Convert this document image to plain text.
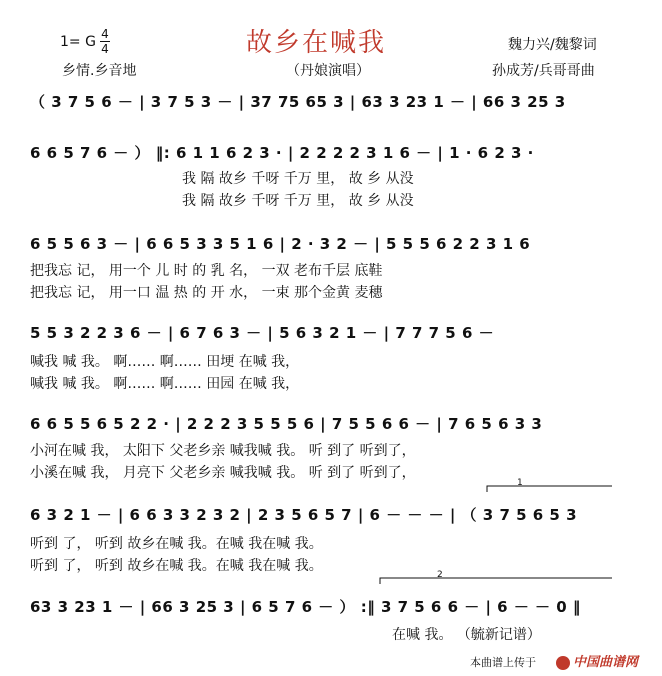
1= G 4
4	故乡在喊我	魏力兴/魏黎词
乡情.乡音地	（丹娘演唱）	孙成芳/兵哥哥曲
（ 3 7 5 6 － | 3 7 5 3 － | 37 75 65 3 | 63 3 23 1 － | 66 3 25 3
6 6 5 7 6 － ） ‖: 6 1 1 6 2 3 · | 2 2 2 2 3 1 6 － | 1 · 6 2 3 ·
我 隔 故乡 千呀 千万 里， 故 乡 从没
我 隔 故乡 千呀 千万 里， 故 乡 从没
6 5 5 6 3 － | 6 6 5 3 3 5 1 6 | 2 · 3 2 － | 5 5 5 6 2 2 3 1 6
把我忘 记， 用一个 儿 时 的 乳 名， 一双 老布千层 底鞋
把我忘 记， 用一口 温 热 的 开 水， 一束 那个金黄 麦穗
5 5 3 2 2 3 6 － | 6 7 6 3 － | 5 6 3 2 1 － | 7 7 7 5 6 －
喊我 喊 我。 啊…… 啊…… 田埂 在喊 我，
喊我 喊 我。 啊…… 啊…… 田园 在喊 我，
6 6 5 5 6 5 2 2 · | 2 2 2 3 5 5 5 6 | 7 5 5 6 6 － | 7 6 5 6 3 3
小河在喊 我， 太阳下 父老乡亲 喊我喊 我。 听 到了 听到了，
小溪在喊 我， 月亮下 父老乡亲 喊我喊 我。 听 到了 听到了，
6 3 2 1 － | 6 6 3 3 2 3 2 | 2 3 5 6 5 7 | 6 － － － | （ 3 7 5 6 5 3
听到 了， 听到 故乡在喊 我。在喊 我在喊 我。
听到 了， 听到 故乡在喊 我。在喊 我在喊 我。
63 3 23 1 － | 66 3 25 3 | 6 5 7 6 － ） :‖ 3 7 5 6 6 － | 6 － － 0 ‖
在喊 我。 （毓新记谱）
1
2
本曲谱上传于	中国曲谱网
